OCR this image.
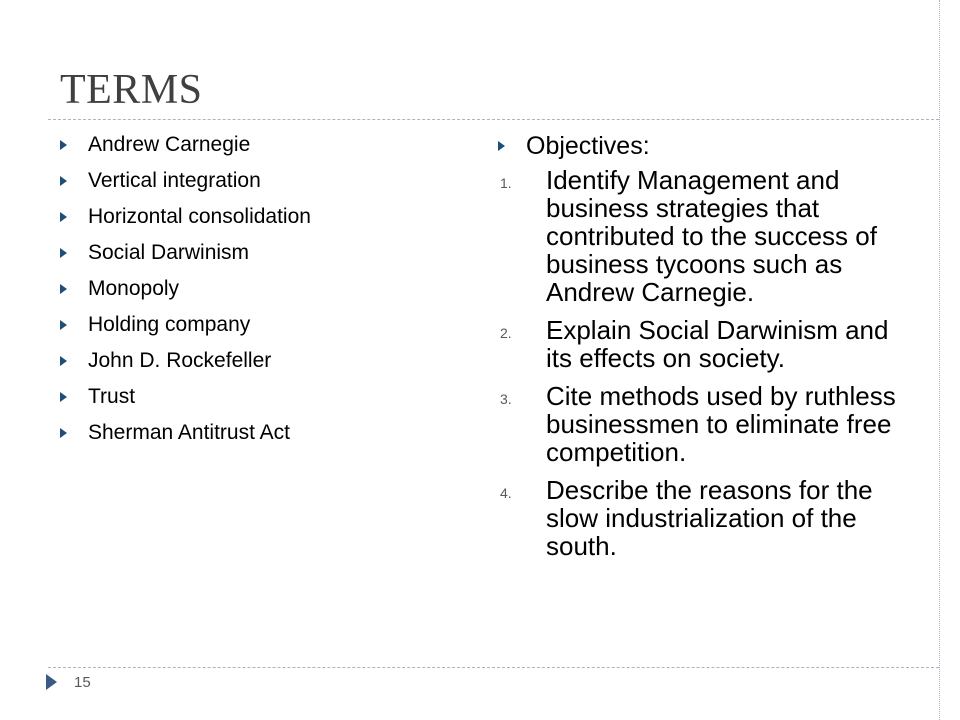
TERMS
Andrew Carnegie
Vertical integration
Horizontal consolidation
Social Darwinism
Monopoly
Holding company
John D. Rockefeller
Trust
Sherman Antitrust Act
Objectives:
1. Identify Management and business strategies that contributed to the success of business tycoons such as Andrew Carnegie.
2. Explain Social Darwinism and its effects on society.
3. Cite methods used by ruthless businessmen to eliminate free competition.
4. Describe the reasons for the slow industrialization of the south.
15
